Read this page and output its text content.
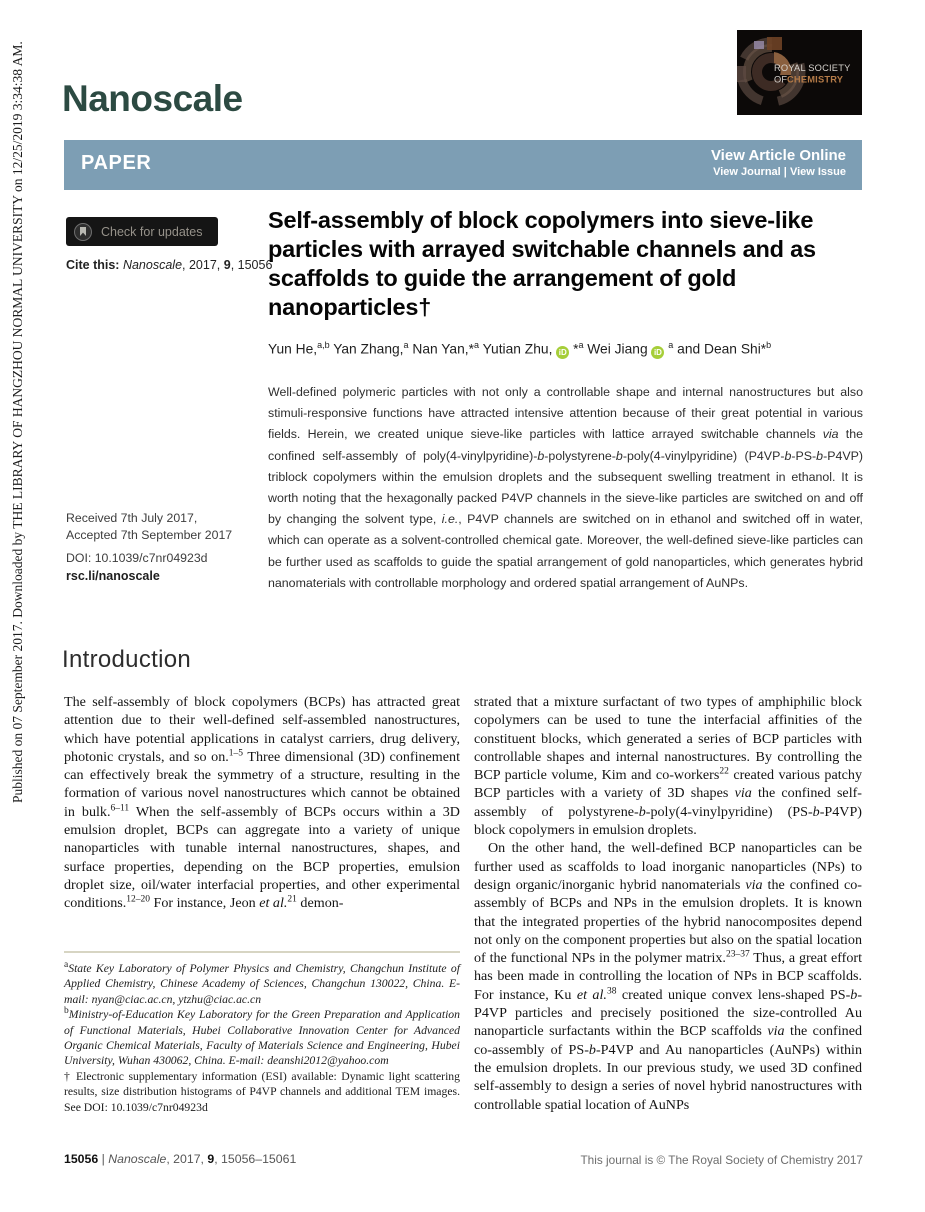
Published on 07 September 2017. Downloaded by THE LIBRARY OF HANGZHOU NORMAL UNIVERSITY on 12/25/2019 3:34:38 AM. Nanoscale
ROYAL SOCIETY
OF CHEMISTRY
PAPER	View Article Online
View Journal | View Issue
Check for updates
Cite this: Nanoscale, 2017, 9, 15056
Self-assembly of block copolymers into sieve-like particles with arrayed switchable channels and as scaffolds to guide the arrangement of gold nanoparticles†
Yun He,$^{a,b}$ Yan Zhang,$^a$ Nan Yan,*$^a$ Yutian Zhu, iD *$^a$ Wei Jiang iD $^a$ and Dean Shi*$^b$
Well-defined polymeric particles with not only a controllable shape and internal nanostructures but also stimuli-responsive functions have attracted intensive attention because of their great potential in various fields. Herein, we created unique sieve-like particles with lattice arrayed switchable channels via the confined self-assembly of poly(4-vinylpyridine)-b-polystyrene-b-poly(4-vinylpyridine) (P4VP-b-PS-b-P4VP) triblock copolymers within the emulsion droplets and the subsequent swelling treatment in ethanol. It is worth noting that the hexagonally packed P4VP channels in the sieve-like particles are switched on and off by changing the solvent type, i.e., P4VP channels are switched on in ethanol and switched off in water, which can operate as a solvent-controlled chemical gate. Moreover, the well-defined sieve-like particles can be further used as scaffolds to guide the spatial arrangement of gold nanoparticles, which generates hybrid nanomaterials with controllable morphology and ordered spatial arrangement of AuNPs.
Received 7th July 2017,
Accepted 7th September 2017
DOI: 10.1039/c7nr04923d
rsc.li/nanoscale
Introduction

The self-assembly of block copolymers (BCPs) has attracted great attention due to their well-defined self-assembled nanostructures, which have potential applications in catalyst carriers, drug delivery, photonic crystals, and so on.$^{1-5}$ Three dimensional (3D) confinement can effectively break the symmetry of a structure, resulting in the formation of various novel nanostructures which cannot be obtained in bulk.$^{6-11}$ When the self-assembly of BCPs occurs within a 3D emulsion droplet, BCPs can aggregate into a variety of unique nanoparticles with tunable internal nanostructures, shapes, and surface properties, depending on the BCP properties, emulsion droplet size, oil/water interfacial properties, and other experimental conditions.$^{12-20}$ For instance, Jeon et al.$^{21}$ demon-

strated that a mixture surfactant of two types of amphiphilic block copolymers can be used to tune the interfacial affinities of the constituent blocks, which generated a series of BCP particles with controllable shapes and internal nanostructures. By controlling the BCP particle volume, Kim and co-workers$^{22}$ created various patchy BCP particles with a variety of 3D shapes via the confined self-assembly of polystyrene-b-poly(4-vinylpyridine) (PS-b-P4VP) block copolymers in emulsion droplets.

On the other hand, the well-defined BCP nanoparticles can be further used as scaffolds to load inorganic nanoparticles (NPs) to design organic/inorganic hybrid nanomaterials via the confined co-assembly of BCPs and NPs in the emulsion droplets. It is known that the integrated properties of the hybrid nanocomposites depend not only on the component properties but also on the spatial location of the functional NPs in the polymer matrix.$^{23-37}$ Thus, a great effort has been made in controlling the location of NPs in BCP scaffolds. For instance, Ku et al.$^{38}$ created unique convex lens-shaped PS-b-P4VP particles and precisely positioned the size-controlled Au nanoparticle surfactants within the BCP scaffolds via the confined co-assembly of PS-b-P4VP and Au nanoparticles (AuNPs) within the emulsion droplets. In our previous study, we used 3D confined self-assembly to design a series of novel hybrid nanostructures with controllable spatial location of AuNPs

$^a$State Key Laboratory of Polymer Physics and Chemistry, Changchun Institute of Applied Chemistry, Chinese Academy of Sciences, Changchun 130022, China. E-mail: nyan@ciac.ac.cn, ytzhu@ciac.ac.cn

$^b$Ministry-of-Education Key Laboratory for the Green Preparation and Application of Functional Materials, Hubei Collaborative Innovation Center for Advanced Organic Chemical Materials, Faculty of Materials Science and Engineering, Hubei University, Wuhan 430062, China. E-mail: deanshi2012@yahoo.com

† Electronic supplementary information (ESI) available: Dynamic light scattering results, size distribution histograms of P4VP channels and additional TEM images. See DOI: 10.1039/c7nr04923d

15056 | Nanoscale, 2017, 9, 15056–15061	This journal is © The Royal Society of Chemistry 2017
